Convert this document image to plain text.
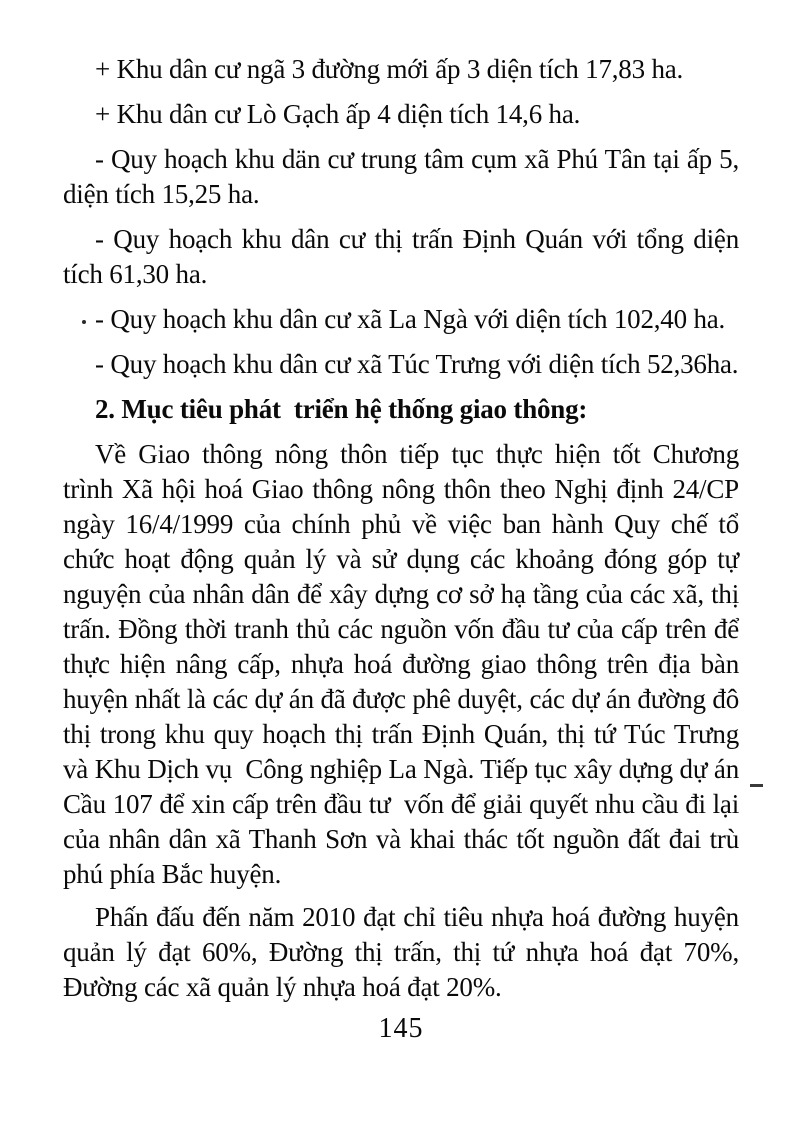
+ Khu dân cư ngã 3 đường mới ấp 3 diện tích 17,83 ha.

+ Khu dân cư Lò Gạch ấp 4 diện tích 14,6 ha.

- Quy hoạch khu dän cư trung tâm cụm xã Phú Tân tại ấp 5, diện tích 15,25 ha.

- Quy hoạch khu dân cư thị trấn Định Quán với tổng diện tích 61,30 ha.

- Quy hoạch khu dân cư xã La Ngà với diện tích 102,40 ha.

- Quy hoạch khu dân cư xã Túc Trưng với diện tích 52,36ha.

2. Mục tiêu phát  triển hệ thống giao thông:

Về Giao thông nông thôn tiếp tục thực hiện tốt Chương trình Xã hội hoá Giao thông nông thôn theo Nghị định 24/CP ngày 16/4/1999 của chính phủ về việc ban hành Quy chế tổ chức hoạt động quản lý và sử dụng các khoảng đóng góp tự nguyện của nhân dân để xây dựng cơ sở hạ tầng của các xã, thị trấn. Đồng thời tranh thủ các nguồn vốn đầu tư của cấp trên để thực hiện nâng cấp, nhựa hoá đường giao thông trên địa bàn huyện nhất là các dự án đã được phê duyệt, các dự án đường đô thị trong khu quy hoạch thị trấn Định Quán, thị tứ Túc Trưng và Khu Dịch vụ  Công nghiệp La Ngà. Tiếp tục xây dựng dự án Cầu 107 để xin cấp trên đầu tư  vốn để giải quyết nhu cầu đi lại của nhân dân xã Thanh Sơn và khai thác tốt nguồn đất đai trù phú phía Bắc huyện.

Phấn đấu đến năm 2010 đạt chỉ tiêu nhựa hoá đường huyện quản lý đạt 60%, Đường thị trấn, thị tứ nhựa hoá đạt 70%, Đường các xã quản lý nhựa hoá đạt 20%.

145
